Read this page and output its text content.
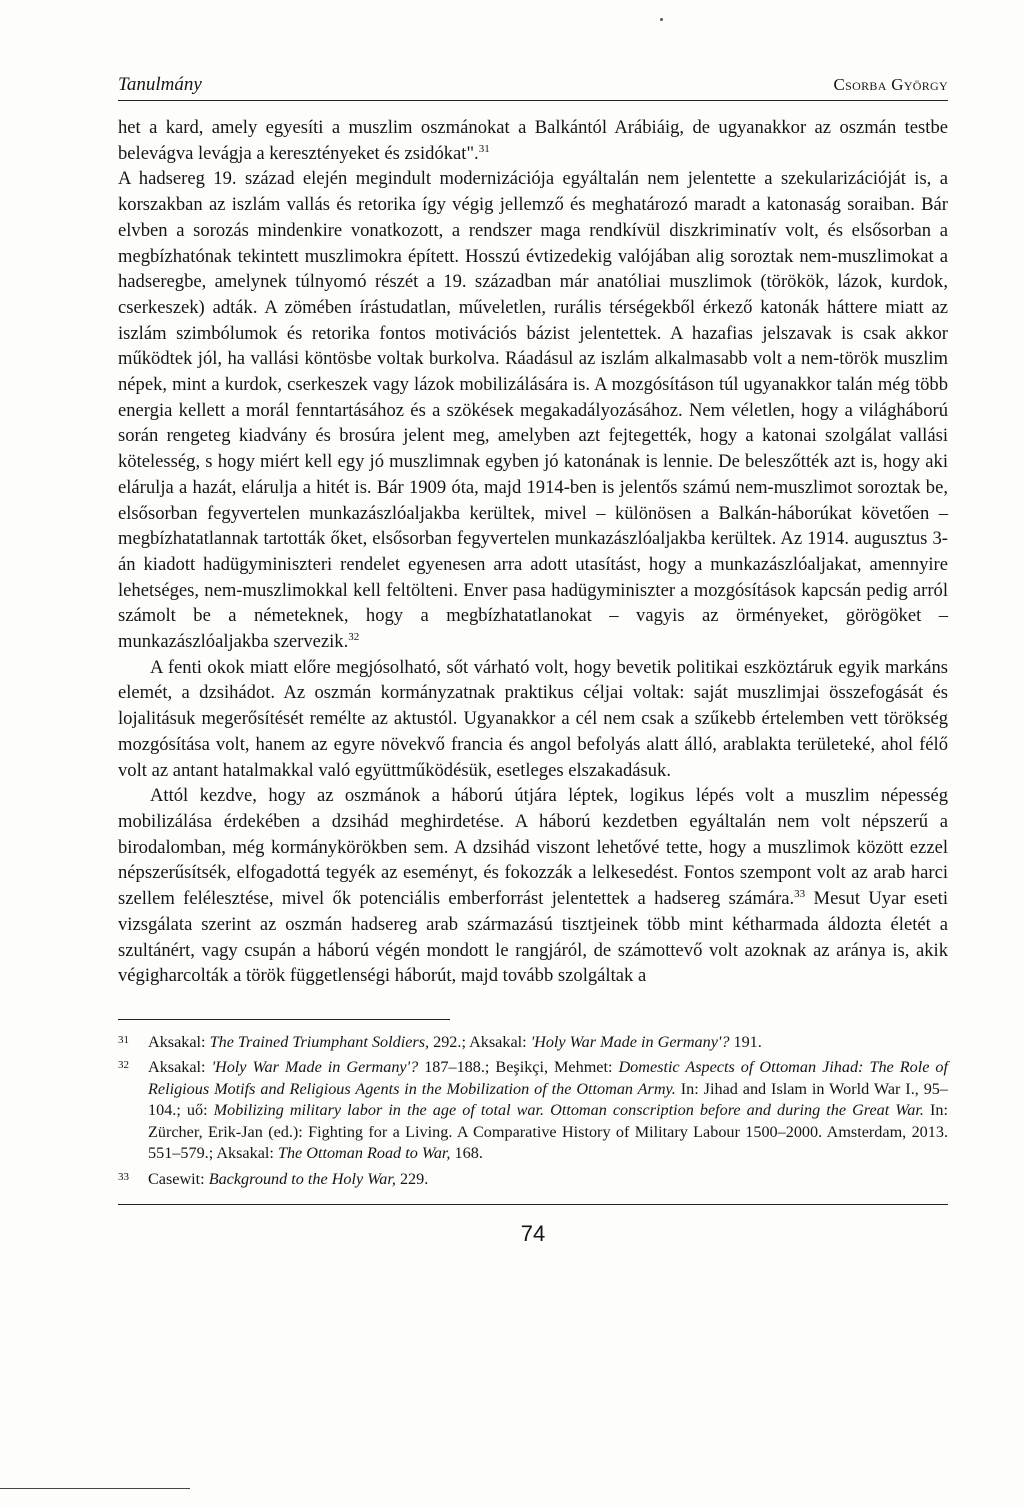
Tanulmány	Csorba György

het a kard, amely egyesíti a muszlim oszmánokat a Balkántól Arábiáig, de ugyanakkor az oszmán testbe belevágva levágja a keresztényeket és zsidókat".$^{31}$

A hadsereg 19. század elején megindult modernizációja egyáltalán nem jelentette a szekularizációját is, a korszakban az iszlám vallás és retorika így végig jellemző és meghatározó maradt a katonaság soraiban. Bár elvben a sorozás mindenkire vonatkozott, a rendszer maga rendkívül diszkriminatív volt, és elsősorban a megbízhatónak tekintett muszlimokra épített. Hosszú évtizedekig valójában alig soroztak nem-muszlimokat a hadseregbe, amelynek túlnyomó részét a 19. században már anatóliai muszlimok (törökök, lázok, kurdok, cserkeszek) adták. A zömében írástudatlan, műveletlen, rurális térségekből érkező katonák háttere miatt az iszlám szimbólumok és retorika fontos motivációs bázist jelentettek. A hazafias jelszavak is csak akkor működtek jól, ha vallási köntösbe voltak burkolva. Ráadásul az iszlám alkalmasabb volt a nem-török muszlim népek, mint a kurdok, cserkeszek vagy lázok mobilizálására is. A mozgósításon túl ugyanakkor talán még több energia kellett a morál fenntartásához és a szökések megakadályozásához. Nem véletlen, hogy a világháború során rengeteg kiadvány és brosúra jelent meg, amelyben azt fejtegették, hogy a katonai szolgálat vallási kötelesség, s hogy miért kell egy jó muszlimnak egyben jó katonának is lennie. De beleszőtték azt is, hogy aki elárulja a hazát, elárulja a hitét is. Bár 1909 óta, majd 1914-ben is jelentős számú nem-muszlimot soroztak be, elsősorban fegyvertelen munkazászlóaljakba kerültek, mivel – különösen a Balkán-háborúkat követően – megbízhatatlannak tartották őket, elsősorban fegyvertelen munkazászlóaljakba kerültek. Az 1914. augusztus 3-án kiadott hadügyminiszteri rendelet egyenesen arra adott utasítást, hogy a munkazászlóaljakat, amennyire lehetséges, nem-muszlimokkal kell feltölteni. Enver pasa hadügyminiszter a mozgósítások kapcsán pedig arról számolt be a németeknek, hogy a megbízhatatlanokat – vagyis az örményeket, görögöket – munkazászlóaljakba szervezik.$^{32}$

A fenti okok miatt előre megjósolható, sőt várható volt, hogy bevetik politikai eszköztáruk egyik markáns elemét, a dzsihádot. Az oszmán kormányzatnak praktikus céljai voltak: saját muszlimjai összefogását és lojalitásuk megerősítését remélte az aktustól. Ugyanakkor a cél nem csak a szűkebb értelemben vett törökség mozgósítása volt, hanem az egyre növekvő francia és angol befolyás alatt álló, arablakta területeké, ahol félő volt az antant hatalmakkal való együttműködésük, esetleges elszakadásuk.

Attól kezdve, hogy az oszmánok a háború útjára léptek, logikus lépés volt a muszlim népesség mobilizálása érdekében a dzsihád meghirdetése. A háború kezdetben egyáltalán nem volt népszerű a birodalomban, még kormánykörökben sem. A dzsihád viszont lehetővé tette, hogy a muszlimok között ezzel népszerűsítsék, elfogadottá tegyék az eseményt, és fokozzák a lelkesedést. Fontos szempont volt az arab harci szellem felélesztése, mivel ők potenciális emberforrást jelentettek a hadsereg számára.$^{33}$ Mesut Uyar eseti vizsgálata szerint az oszmán hadsereg arab származású tisztjeinek több mint kétharmada áldozta életét a szultánért, vagy csupán a háború végén mondott le rangjáról, de számottevő volt azoknak az aránya is, akik végigharcolták a török függetlenségi háborút, majd tovább szolgáltak a

31 Aksakal: The Trained Triumphant Soldiers, 292.; Aksakal: 'Holy War Made in Germany'? 191.
32 Aksakal: 'Holy War Made in Germany'? 187–188.; Beşikçi, Mehmet: Domestic Aspects of Ottoman Jihad: The Role of Religious Motifs and Religious Agents in the Mobilization of the Ottoman Army. In: Jihad and Islam in World War I., 95–104.; uő: Mobilizing military labor in the age of total war. Ottoman conscription before and during the Great War. In: Zürcher, Erik-Jan (ed.): Fighting for a Living. A Comparative History of Military Labour 1500–2000. Amsterdam, 2013. 551–579.; Aksakal: The Ottoman Road to War, 168.
33 Casewit: Background to the Holy War, 229.
74
